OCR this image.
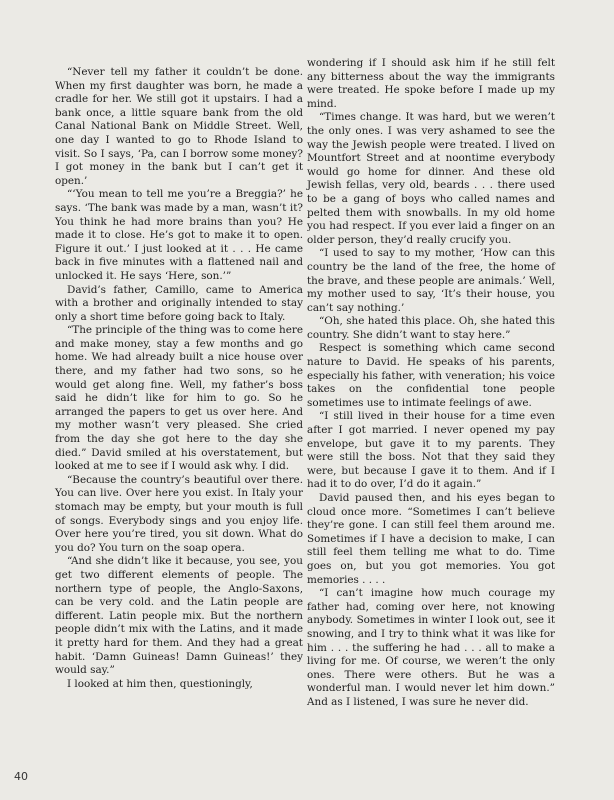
“Never tell my father it couldn’t be done. When my first daughter was born, he made a cradle for her. We still got it upstairs. I had a bank once, a little square bank from the old Canal National Bank on Middle Street. Well, one day I wanted to go to Rhode Island to visit. So I says, ‘Pa, can I borrow some money? I got money in the bank but I can’t get it open.’

“‘You mean to tell me you’re a Breggia?’ he says. ‘The bank was made by a man, wasn’t it? You think he had more brains than you? He made it to close. He’s got to make it to open. Figure it out.’ I just looked at it . . . He came back in five minutes with a flattened nail and unlocked it. He says ‘Here, son.’”

David’s father, Camillo, came to America with a brother and originally intended to stay only a short time before going back to Italy.

“The principle of the thing was to come here and make money, stay a few months and go home. We had already built a nice house over there, and my father had two sons, so he would get along fine. Well, my father’s boss said he didn’t like for him to go. So he arranged the papers to get us over here. And my mother wasn’t very pleased. She cried from the day she got here to the day she died.” David smiled at his overstatement, but looked at me to see if I would ask why. I did.

“Because the country’s beautiful over there. You can live. Over here you exist. In Italy your stomach may be empty, but your mouth is full of songs. Everybody sings and you enjoy life. Over here you’re tired, you sit down. What do you do? You turn on the soap opera.

“And she didn’t like it because, you see, you get two different elements of people. The northern type of people, the Anglo-Saxons, can be very cold. and the Latin people are different. Latin people mix. But the northern people didn’t mix with the Latins, and it made it pretty hard for them. And they had a great habit. ‘Damn Guineas! Damn Guineas!’ they would say.”

I looked at him then, questioningly,

wondering if I should ask him if he still felt any bitterness about the way the immigrants were treated. He spoke before I made up my mind.

“Times change. It was hard, but we weren’t the only ones. I was very ashamed to see the way the Jewish people were treated. I lived on Mountfort Street and at noontime everybody would go home for dinner. And these old Jewish fellas, very old, beards . . . there used to be a gang of boys who called names and pelted them with snowballs. In my old home you had respect. If you ever laid a finger on an older person, they’d really crucify you.

“I used to say to my mother, ‘How can this country be the land of the free, the home of the brave, and these people are animals.’ Well, my mother used to say, ‘It’s their house, you can’t say nothing.’

“Oh, she hated this place. Oh, she hated this country. She didn’t want to stay here.”

Respect is something which came second nature to David. He speaks of his parents, especially his father, with veneration; his voice takes on the confidential tone people sometimes use to intimate feelings of awe.

“I still lived in their house for a time even after I got married. I never opened my pay envelope, but gave it to my parents. They were still the boss. Not that they said they were, but because I gave it to them. And if I had it to do over, I’d do it again.”

David paused then, and his eyes began to cloud once more. “Sometimes I can’t believe they’re gone. I can still feel them around me. Sometimes if I have a decision to make, I can still feel them telling me what to do. Time goes on, but you got memories. You got memories . . . .

“I can’t imagine how much courage my father had, coming over here, not knowing anybody. Sometimes in winter I look out, see it snowing, and I try to think what it was like for him . . . the suffering he had . . . all to make a living for me. Of course, we weren’t the only ones. There were others. But he was a wonderful man. I would never let him down.” And as I listened, I was sure he never did.

40
